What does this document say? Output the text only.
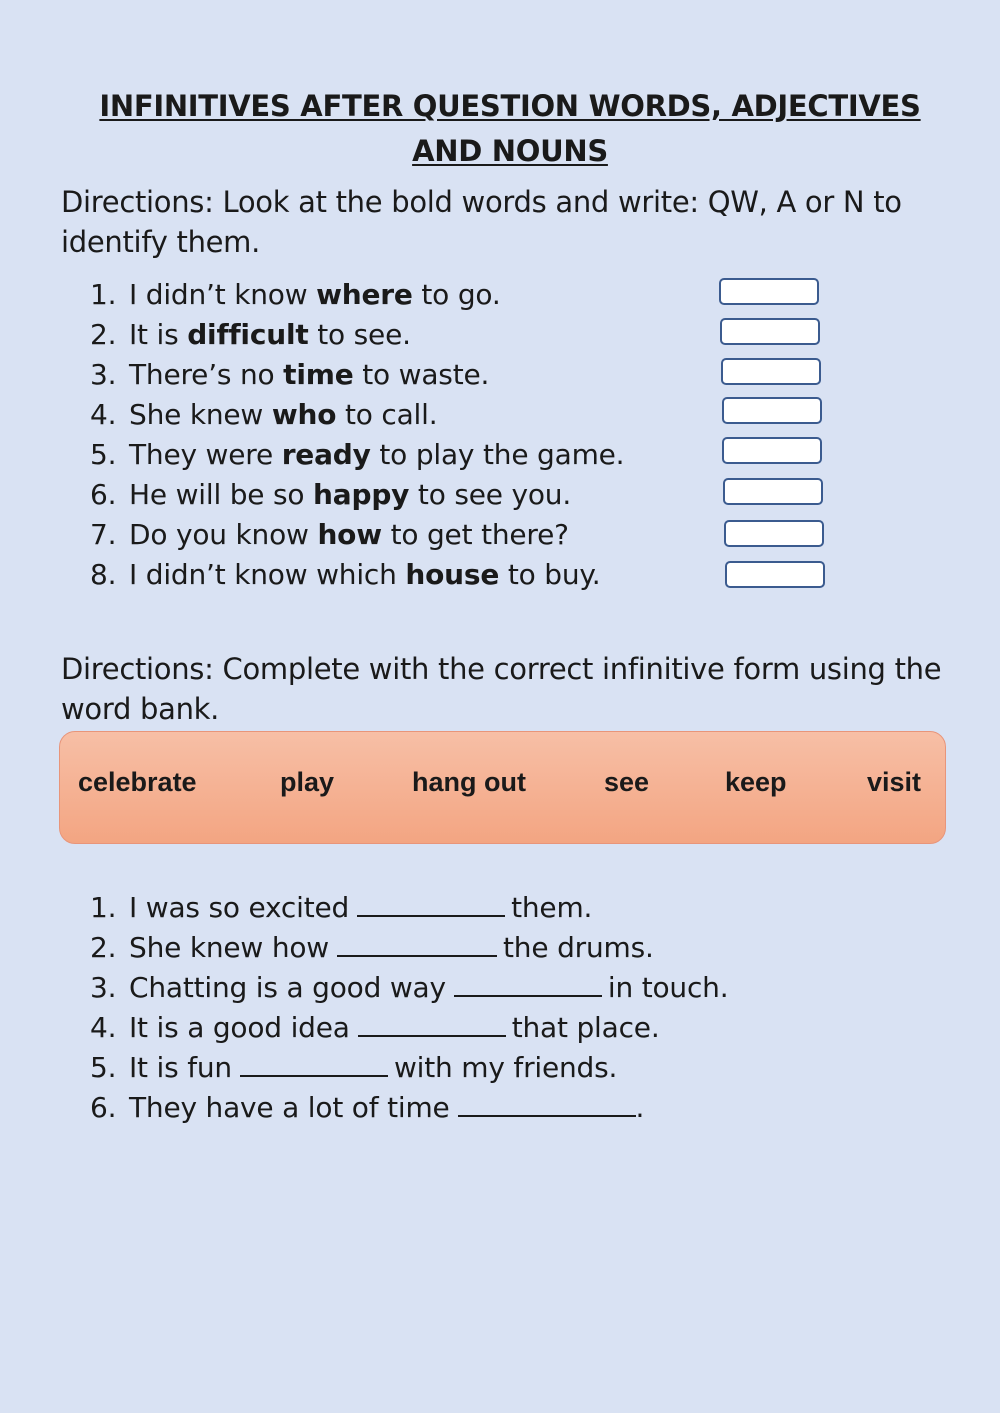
INFINITIVES AFTER QUESTION WORDS, ADJECTIVES AND NOUNS
Directions: Look at the bold words and write: QW, A or N to identify them.
1. I didn’t know where to go.
2. It is difficult to see.
3. There’s no time to waste.
4. She knew who to call.
5. They were ready to play the game.
6. He will be so happy to see you.
7. Do you know how to get there?
8. I didn’t know which house to buy.
Directions: Complete with the correct infinitive form using the word bank.
celebrate	play	hang out	see	keep	visit
1. I was so excited	them.
2. She knew how	the drums.
3. Chatting is a good way	in touch.
4. It is a good idea	that place.
5. It is fun	with my friends.
6. They have a lot of time	.
